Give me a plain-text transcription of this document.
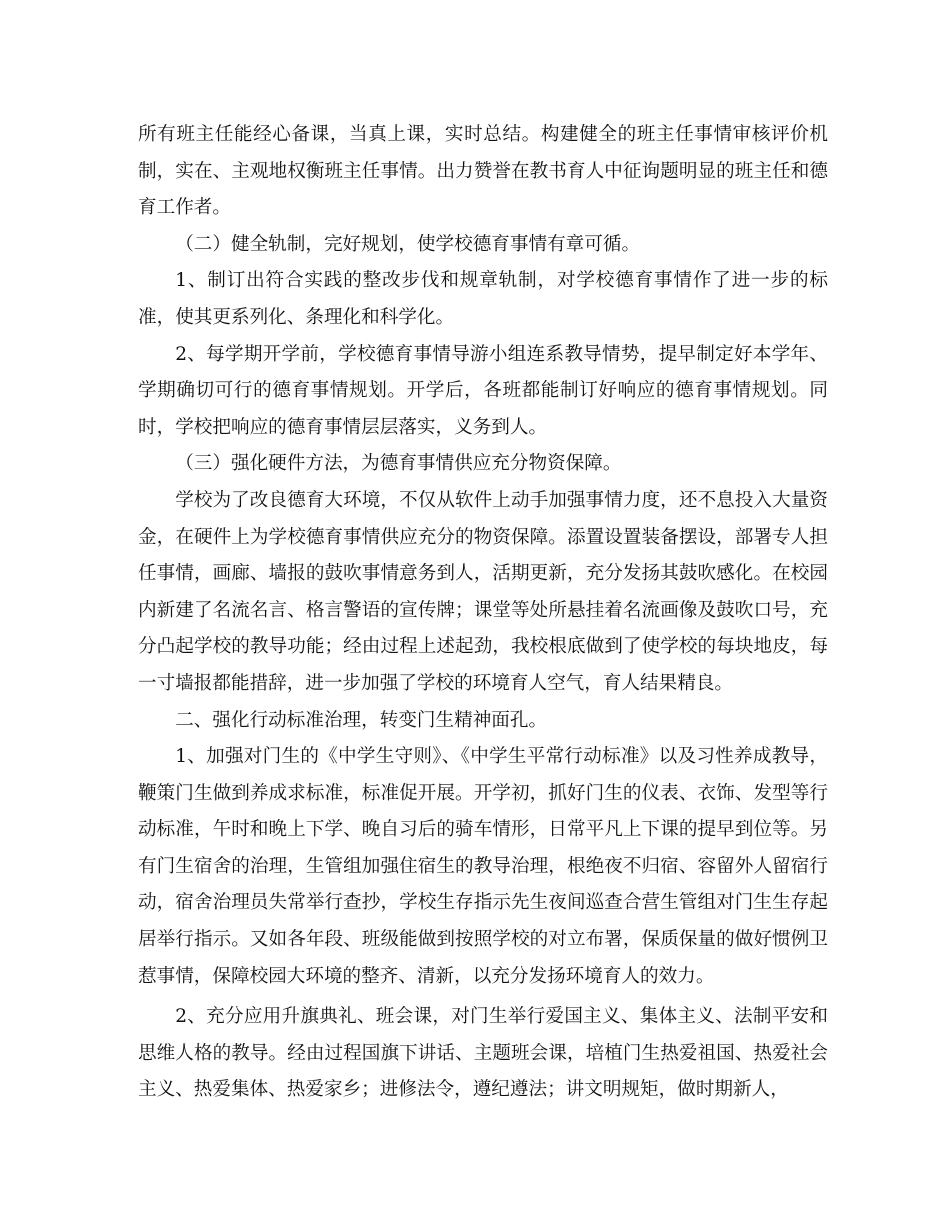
所有班主任能经心备课，当真上课，实时总结。构建健全的班主任事情审核评价机制，实在、主观地权衡班主任事情。出力赞誉在教书育人中征询题明显的班主任和德育工作者。

（二）健全轨制，完好规划，使学校德育事情有章可循。

1、制订出符合实践的整改步伐和规章轨制，对学校德育事情作了进一步的标准，使其更系列化、条理化和科学化。

2、每学期开学前，学校德育事情导游小组连系教导情势，提早制定好本学年、学期确切可行的德育事情规划。开学后，各班都能制订好响应的德育事情规划。同时，学校把响应的德育事情层层落实，义务到人。

（三）强化硬件方法，为德育事情供应充分物资保障。

学校为了改良德育大环境，不仅从软件上动手加强事情力度，还不息投入大量资金，在硬件上为学校德育事情供应充分的物资保障。添置设置装备摆设，部署专人担任事情，画廊、墙报的鼓吹事情意务到人，活期更新，充分发扬其鼓吹感化。在校园内新建了名流名言、格言警语的宣传牌；课堂等处所悬挂着名流画像及鼓吹口号，充分凸起学校的教导功能；经由过程上述起劲，我校根底做到了使学校的每块地皮，每一寸墙报都能措辞，进一步加强了学校的环境育人空气，育人结果精良。

二、强化行动标准治理，转变门生精神面孔。

1、加强对门生的《中学生守则》、《中学生平常行动标准》以及习性养成教导，鞭策门生做到养成求标准，标准促开展。开学初，抓好门生的仪表、衣饰、发型等行动标准，午时和晚上下学、晚自习后的骑车情形，日常平凡上下课的提早到位等。另有门生宿舍的治理，生管组加强住宿生的教导治理，根绝夜不归宿、容留外人留宿行动，宿舍治理员失常举行查抄，学校生存指示先生夜间巡查合营生管组对门生生存起居举行指示。又如各年段、班级能做到按照学校的对立布署，保质保量的做好惯例卫惹事情，保障校园大环境的整齐、清新，以充分发扬环境育人的效力。

2、充分应用升旗典礼、班会课，对门生举行爱国主义、集体主义、法制平安和思维人格的教导。经由过程国旗下讲话、主题班会课，培植门生热爱祖国、热爱社会主义、热爱集体、热爱家乡；进修法令，遵纪遵法；讲文明规矩，做时期新人，
